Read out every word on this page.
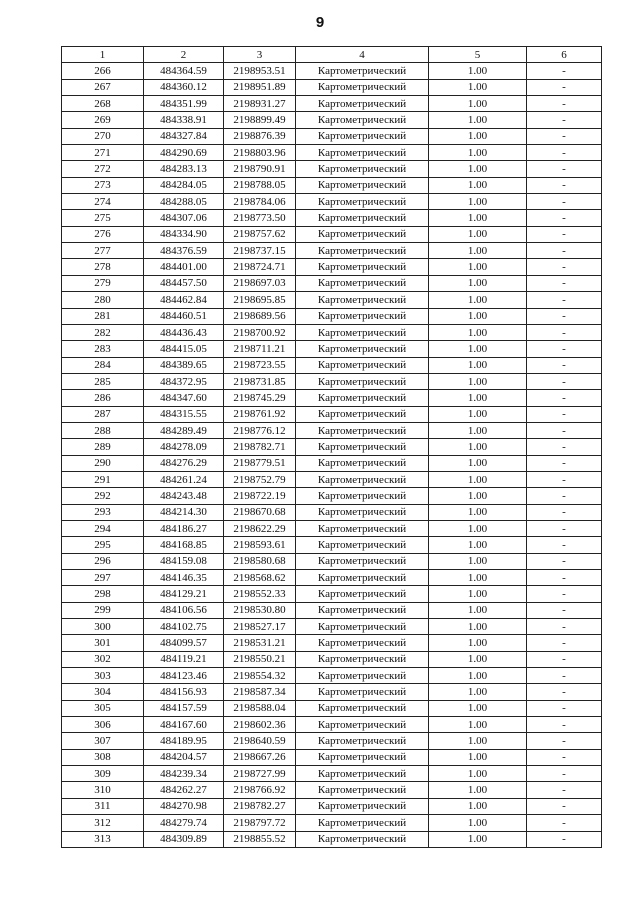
9
1	2	3	4	5	6
266	484364.59	2198953.51	Картометрический	1.00	-
267	484360.12	2198951.89	Картометрический	1.00	-
268	484351.99	2198931.27	Картометрический	1.00	-
269	484338.91	2198899.49	Картометрический	1.00	-
270	484327.84	2198876.39	Картометрический	1.00	-
271	484290.69	2198803.96	Картометрический	1.00	-
272	484283.13	2198790.91	Картометрический	1.00	-
273	484284.05	2198788.05	Картометрический	1.00	-
274	484288.05	2198784.06	Картометрический	1.00	-
275	484307.06	2198773.50	Картометрический	1.00	-
276	484334.90	2198757.62	Картометрический	1.00	-
277	484376.59	2198737.15	Картометрический	1.00	-
278	484401.00	2198724.71	Картометрический	1.00	-
279	484457.50	2198697.03	Картометрический	1.00	-
280	484462.84	2198695.85	Картометрический	1.00	-
281	484460.51	2198689.56	Картометрический	1.00	-
282	484436.43	2198700.92	Картометрический	1.00	-
283	484415.05	2198711.21	Картометрический	1.00	-
284	484389.65	2198723.55	Картометрический	1.00	-
285	484372.95	2198731.85	Картометрический	1.00	-
286	484347.60	2198745.29	Картометрический	1.00	-
287	484315.55	2198761.92	Картометрический	1.00	-
288	484289.49	2198776.12	Картометрический	1.00	-
289	484278.09	2198782.71	Картометрический	1.00	-
290	484276.29	2198779.51	Картометрический	1.00	-
291	484261.24	2198752.79	Картометрический	1.00	-
292	484243.48	2198722.19	Картометрический	1.00	-
293	484214.30	2198670.68	Картометрический	1.00	-
294	484186.27	2198622.29	Картометрический	1.00	-
295	484168.85	2198593.61	Картометрический	1.00	-
296	484159.08	2198580.68	Картометрический	1.00	-
297	484146.35	2198568.62	Картометрический	1.00	-
298	484129.21	2198552.33	Картометрический	1.00	-
299	484106.56	2198530.80	Картометрический	1.00	-
300	484102.75	2198527.17	Картометрический	1.00	-
301	484099.57	2198531.21	Картометрический	1.00	-
302	484119.21	2198550.21	Картометрический	1.00	-
303	484123.46	2198554.32	Картометрический	1.00	-
304	484156.93	2198587.34	Картометрический	1.00	-
305	484157.59	2198588.04	Картометрический	1.00	-
306	484167.60	2198602.36	Картометрический	1.00	-
307	484189.95	2198640.59	Картометрический	1.00	-
308	484204.57	2198667.26	Картометрический	1.00	-
309	484239.34	2198727.99	Картометрический	1.00	-
310	484262.27	2198766.92	Картометрический	1.00	-
311	484270.98	2198782.27	Картометрический	1.00	-
312	484279.74	2198797.72	Картометрический	1.00	-
313	484309.89	2198855.52	Картометрический	1.00	-
